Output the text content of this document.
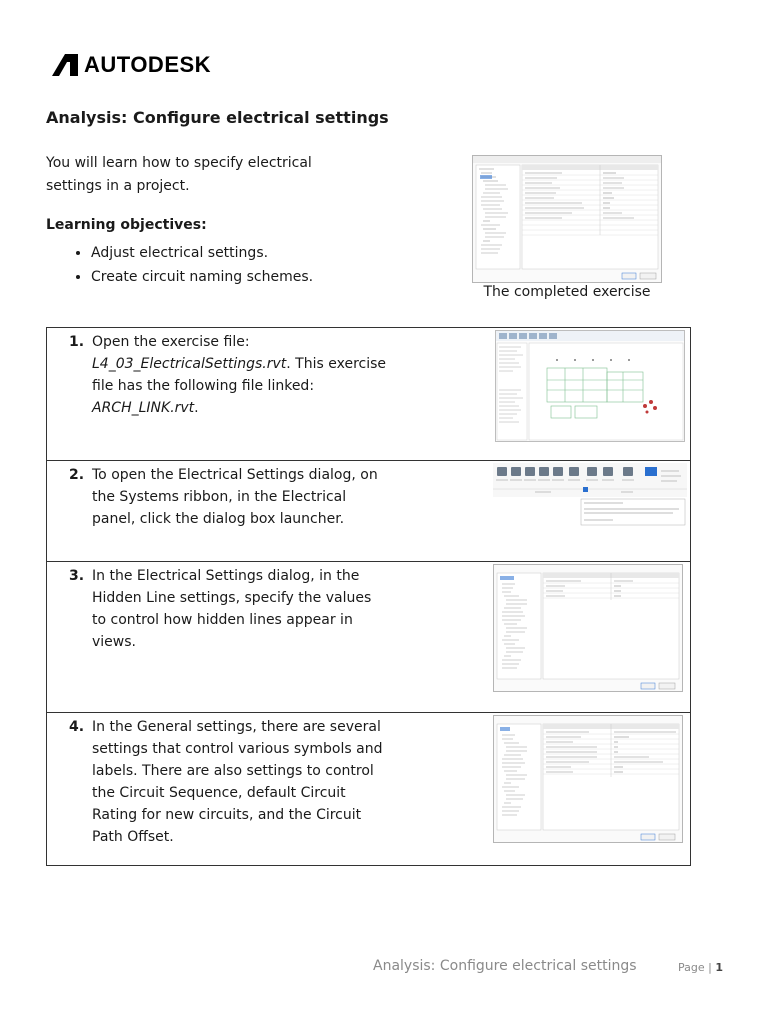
AUTODESK
Analysis: Configure electrical settings

You will learn how to specify electrical settings in a project.

Learning objectives:

• Adjust electrical settings.
• Create circuit naming schemes.
The completed exercise
1. Open the exercise file:
L4_03_ElectricalSettings.rvt. This exercise file has the following file linked:
ARCH_LINK.rvt.

2. To open the Electrical Settings dialog, on the Systems ribbon, in the Electrical panel, click the dialog box launcher.

3. In the Electrical Settings dialog, in the Hidden Line settings, specify the values to control how hidden lines appear in views.

4. In the General settings, there are several settings that control various symbols and labels. There are also settings to control the Circuit Sequence, default Circuit Rating for new circuits, and the Circuit Path Offset.

Analysis: Configure electrical settings	Page | 1
